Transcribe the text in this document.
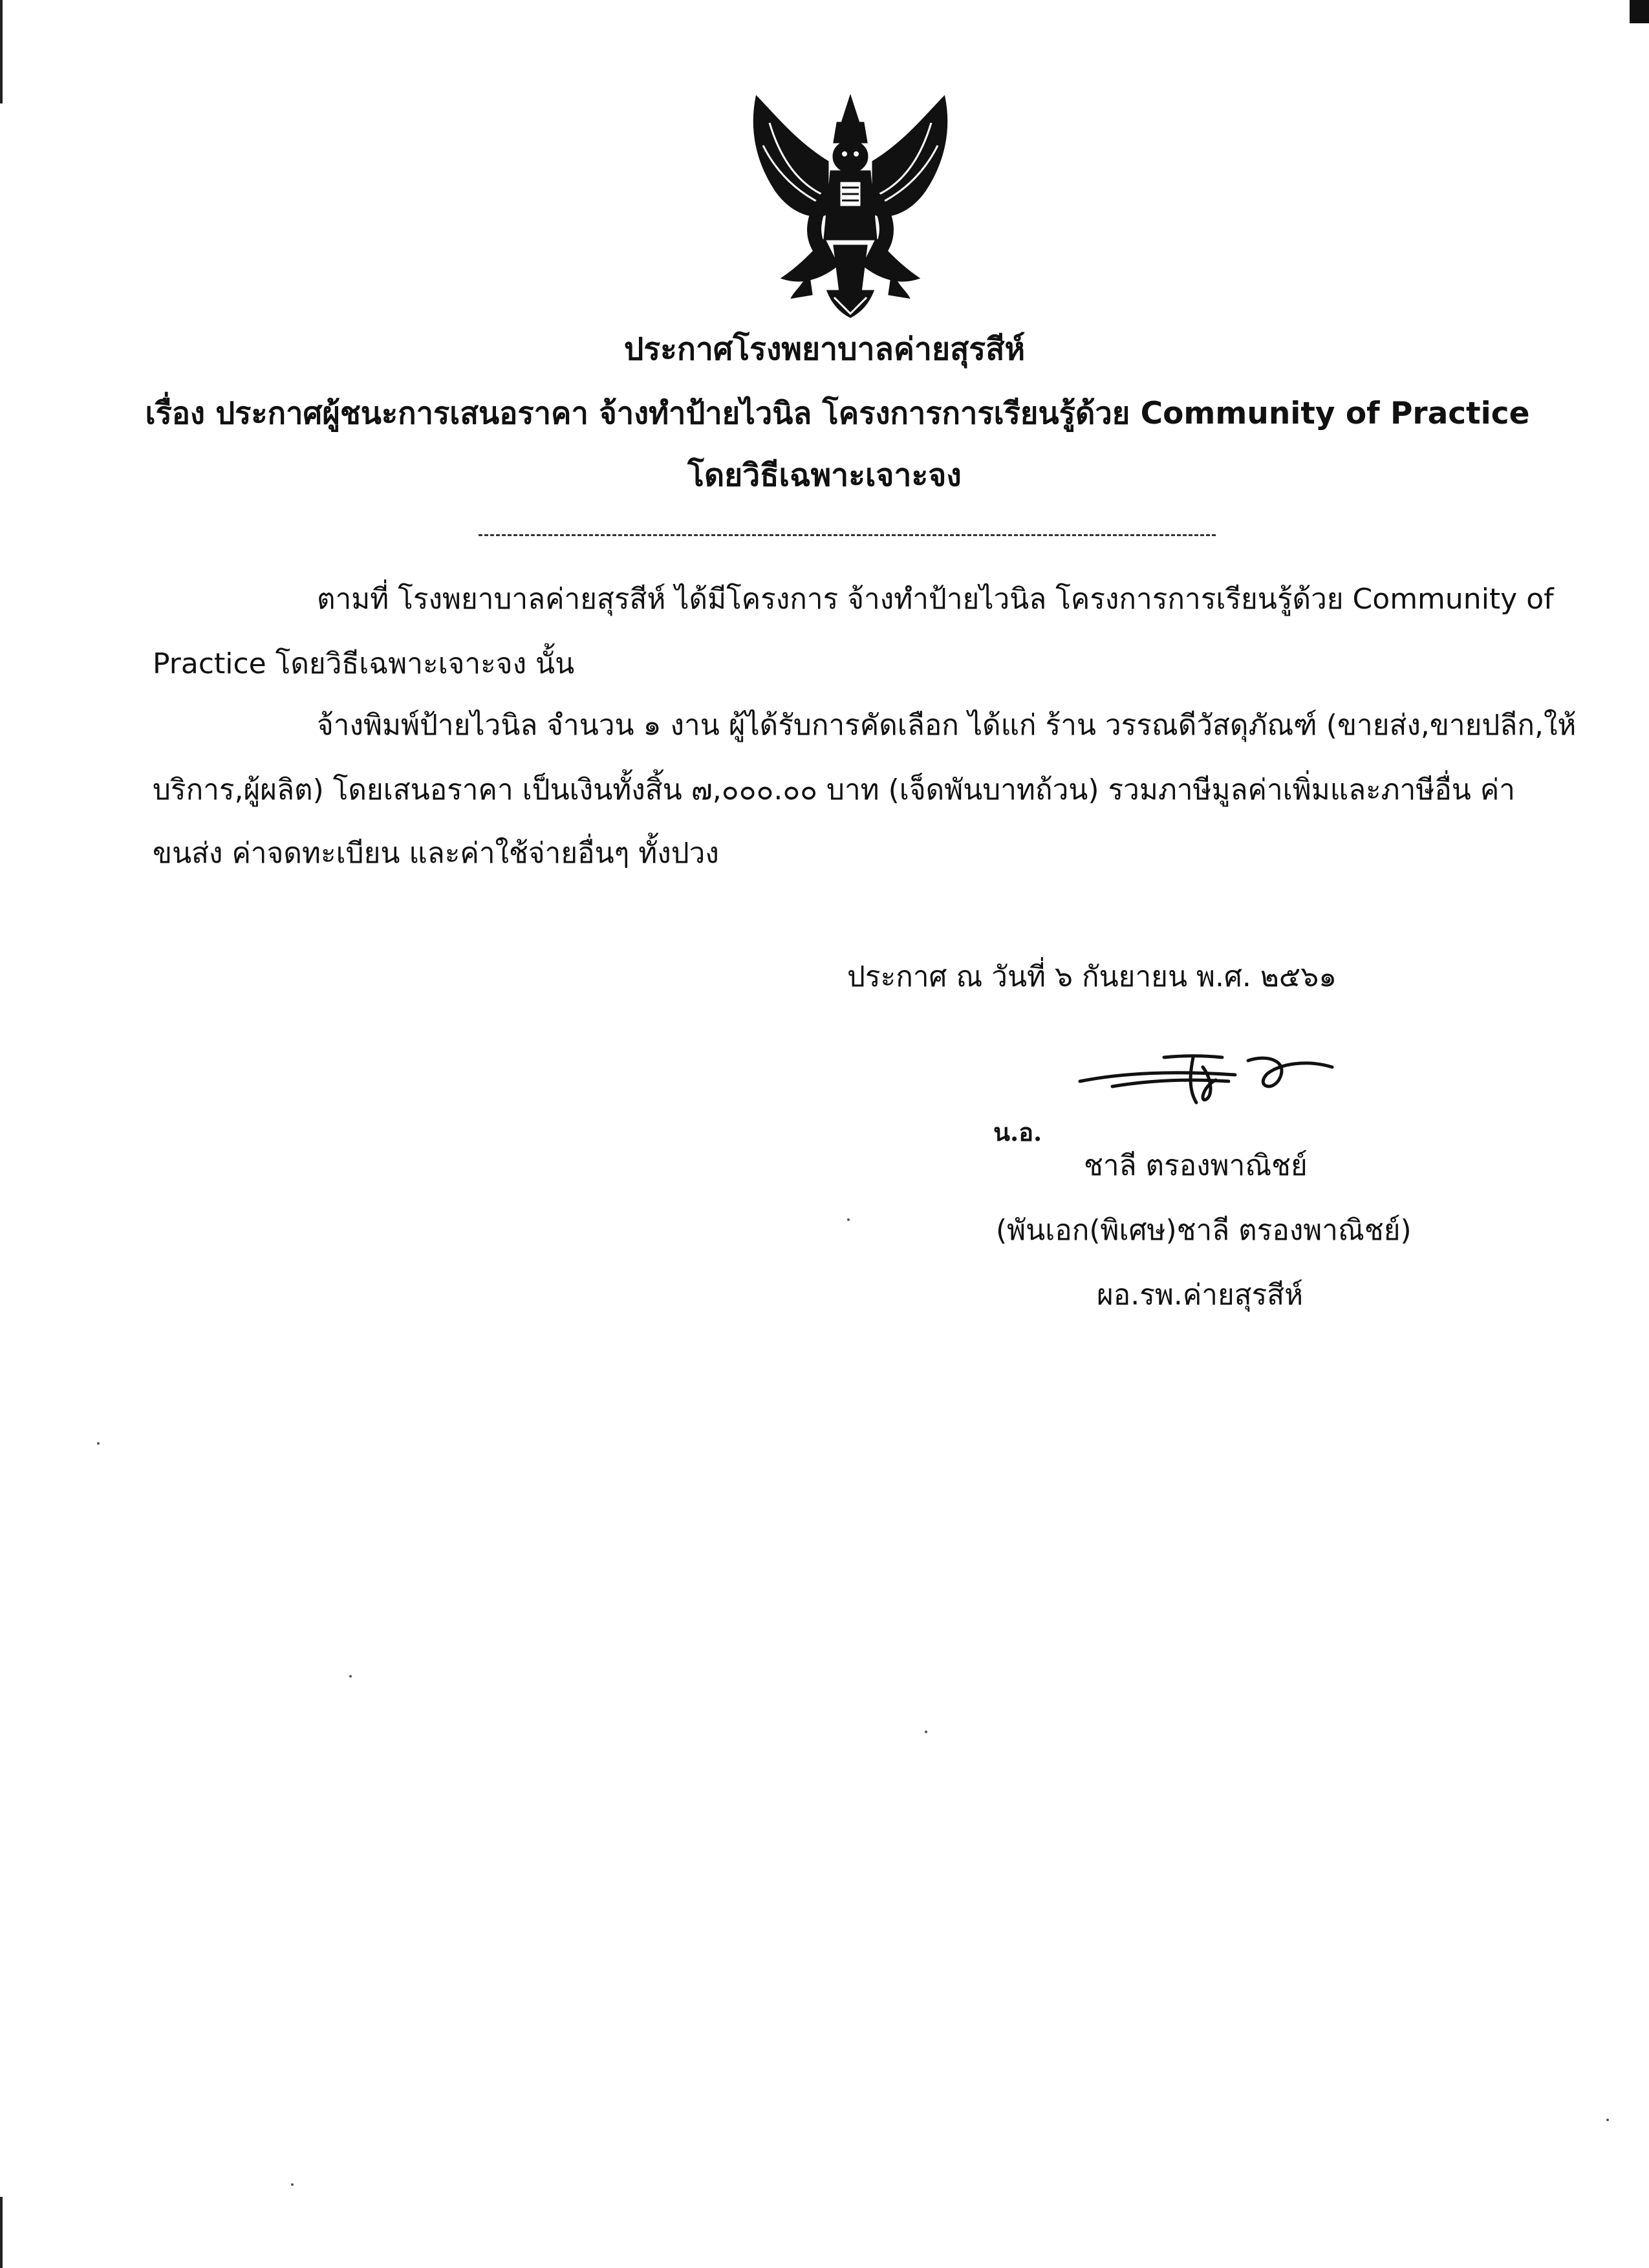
ประกาศโรงพยาบาลค่ายสุรสีห์
เรื่อง ประกาศผู้ชนะการเสนอราคา จ้างทำป้ายไวนิล โครงการการเรียนรู้ด้วย Community of Practice
โดยวิธีเฉพาะเจาะจง
ตามที่ โรงพยาบาลค่ายสุรสีห์ ได้มีโครงการ จ้างทำป้ายไวนิล โครงการการเรียนรู้ด้วย Community of
Practice โดยวิธีเฉพาะเจาะจง นั้น
จ้างพิมพ์ป้ายไวนิล จำนวน ๑ งาน ผู้ได้รับการคัดเลือก ได้แก่ ร้าน วรรณดีวัสดุภัณฑ์ (ขายส่ง,ขายปลีก,ให้
บริการ,ผู้ผลิต) โดยเสนอราคา เป็นเงินทั้งสิ้น ๗,๐๐๐.๐๐ บาท (เจ็ดพันบาทถ้วน) รวมภาษีมูลค่าเพิ่มและภาษีอื่น ค่า
ขนส่ง ค่าจดทะเบียน และค่าใช้จ่ายอื่นๆ ทั้งปวง
ประกาศ ณ วันที่ ๖ กันยายน พ.ศ. ๒๕๖๑
น.อ.
ชาลี ตรองพาณิชย์
(พันเอก(พิเศษ)ชาลี ตรองพาณิชย์)
ผอ.รพ.ค่ายสุรสีห์
